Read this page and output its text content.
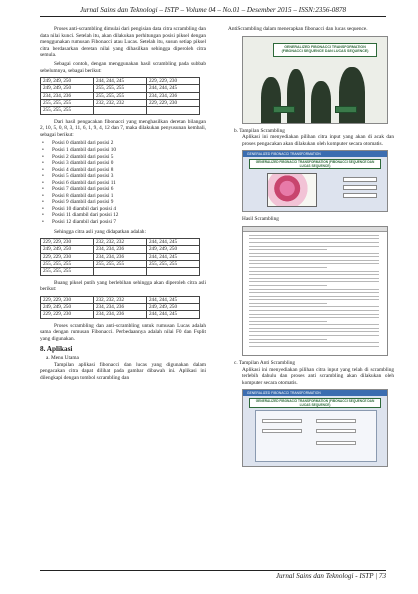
Jurnal Sains dan Teknologi – ISTP – Volume 04 – No.01 – Desember 2015 – ISSN:2356-0878

Proses anti-scrambling dimulai dari pengisian data citra scrambling dan data nilai kunci. Setelah itu, akan dilakukan perhitungan posisi piksel dengan menggunakan rumusan Fibonacci atau Lucas. Setelah itu, susun setiap piksel citra berdasarkan deretan nilai yang dihasilkan sehingga diperoleh citra semula.

Sebagai contoh, dengan menggunakan hasil scrambling pada subbab sebelumnya, sebagai berikut:

249, 249, 250	244, 244, 245	229, 229, 230
249, 249, 250	255, 255, 255	244, 244, 245
234, 234, 236	255, 255, 255	234, 234, 236
255, 255, 255	232, 232, 232	229, 229, 230
255, 255, 255		

Dari hasil pengacakan fibonacci yang menghasilkan deretan bilangan 2, 10, 5, 0, 8, 3, 11, 6, 1, 9, 4, 12 dan 7, maka dilakukan penyusunan kembali, sebagai berikut:

• Posisi 0 diambil dari posisi 2
• Posisi 1 diambil dari posisi 10
• Posisi 2 diambil dari posisi 5
• Posisi 3 diambil dari posisi 0
• Posisi 4 diambil dari posisi 8
• Posisi 5 diambil dari posisi 3
• Posisi 6 diambil dari posisi 11
• Posisi 7 diambil dari posisi 6
• Posisi 8 diambil dari posisi 1
• Posisi 9 diambil dari posisi 9
• Posisi 10 diambil dari posisi 4
• Posisi 11 diambil dari posisi 12
• Posisi 12 diambil dari posisi 7

Sehingga citra asli yang didapatkan adalah:

229, 229, 230	232, 232, 232	244, 244, 245
249, 249, 250	234, 234, 236	249, 249, 250
229, 229, 230	234, 234, 236	244, 244, 245
255, 255, 255	255, 255, 255	255, 255, 255
255, 255, 255		

Buang piksel putih yang berlebihan sehingga akan diperoleh citra asli berikut:

229, 229, 230	232, 232, 232	244, 244, 245
249, 249, 250	234, 234, 236	249, 249, 250
229, 229, 230	234, 234, 236	244, 244, 245

Proses scrambling dan anti-scrambling untuk rumusan Lucas adalah sama dengan rumusan Fibonacci. Perbedaannya adalah nilai F0 dan Fsplit yang digunakan.

8. Aplikasi
a. Menu Utama

Tampilan aplikasi fibonacci dan lucas yang digunakan dalam pengacakan citra dapat dilihat pada gambar dibawah ini. Aplikasi ini dilengkapi dengan tombol scrambling dan

AntiScrambling dalam menerapkan fibonacci dan lucas sequence.

GENERALIZED FIBONACCI TRANSFORMATION (FIBONACCI SEQUENCE DAN LUCAS SEQUENCE)
b. Tampilan Scrambling

Aplikasi ini menyediakan pilihan citra input yang akan di acak dan proses pengacakan akan dilakukan oleh komputer secara otomatis.

GENERALIZED FIBONACCI TRANSFORMATION
GENERALIZED FIBONACCI TRANSFORMATION (FIBONACCI SEQUENCE DAN LUCAS SEQUENCE)
Hasil Scrambling
c. Tampilan Anti Scrambling

Aplikasi ini menyediakan pilihan citra input yang telah di scrambling terlebih dahulu dan proses anti scrambling akan dilakukan oleh komputer secara otomatis.

GENERALIZED FIBONACCI TRANSFORMATION
GENERALIZED FIBONACCI TRANSFORMATION (FIBONACCI SEQUENCE DAN LUCAS SEQUENCE)
Jurnal Sains dan Teknologi - ISTP | 73
